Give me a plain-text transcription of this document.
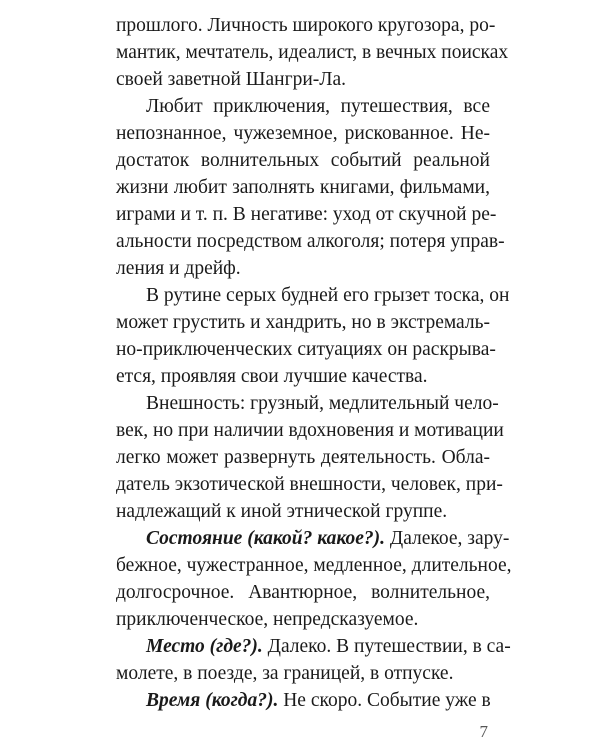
прошлого. Личность широкого кругозора, ро-
мантик, мечтатель, идеалист, в вечных поисках
своей заветной Шангри-Ла.
Любит приключения, путешествия, все
непознанное, чужеземное, рискованное. Не-
достаток волнительных событий реальной
жизни любит заполнять книгами, фильмами,
играми и т. п. В негативе: уход от скучной ре-
альности посредством алкоголя; потеря управ-
ления и дрейф.
В рутине серых будней его грызет тоска, он
может грустить и хандрить, но в экстремаль-
но-приключенческих ситуациях он раскрыва-
ется, проявляя свои лучшие качества.
Внешность: грузный, медлительный чело-
век, но при наличии вдохновения и мотивации
легко может развернуть деятельность. Обла-
датель экзотической внешности, человек, при-
надлежащий к иной этнической группе.
Состояние (какой? какое?). Далекое, зару-
бежное, чужестранное, медленное, длительное,
долгосрочное. Авантюрное, волнительное,
приключенческое, непредсказуемое.
Место (где?). Далеко. В путешествии, в са-
молете, в поезде, за границей, в отпуске.
Время (когда?). Не скоро. Событие уже в
7
